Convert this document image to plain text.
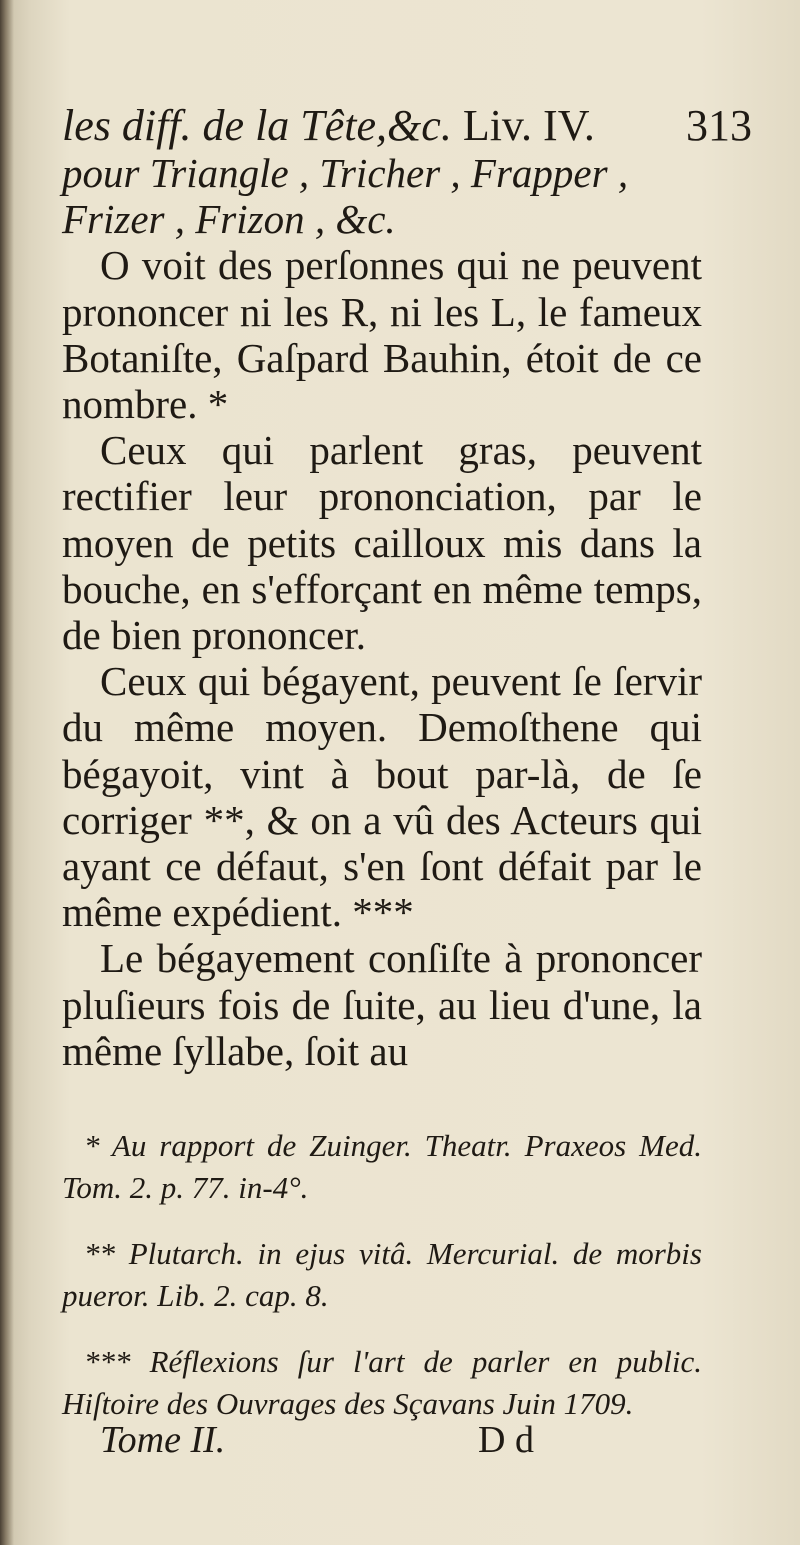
les diff. de la Tête,&c. Liv. IV. 313

pour Triangle , Tricher , Frapper ,

Frizer , Frizon , &c.

O voit des perſonnes qui ne peuvent prononcer ni les R, ni les L, le fameux Botaniſte, Gaſpard Bauhin, étoit de ce nombre. *

Ceux qui parlent gras, peuvent rectifier leur prononciation, par le moyen de petits cailloux mis dans la bouche, en s'efforçant en même temps, de bien prononcer.

Ceux qui bégayent, peuvent ſe ſervir du même moyen. Demoſthene qui bégayoit, vint à bout par-là, de ſe corriger **, & on a vû des Acteurs qui ayant ce défaut, s'en ſont défait par le même expédient. ***

Le bégayement conſiſte à prononcer pluſieurs fois de ſuite, au lieu d'une, la même ſyllabe, ſoit au

* Au rapport de Zuinger. Theatr. Praxeos Med. Tom. 2. p. 77. in-4°.

** Plutarch. in ejus vitâ. Mercurial. de morbis pueror. Lib. 2. cap. 8.

*** Réflexions ſur l'art de parler en public. Hiſtoire des Ouvrages des Sçavans Juin 1709.

Tome II.	D d
